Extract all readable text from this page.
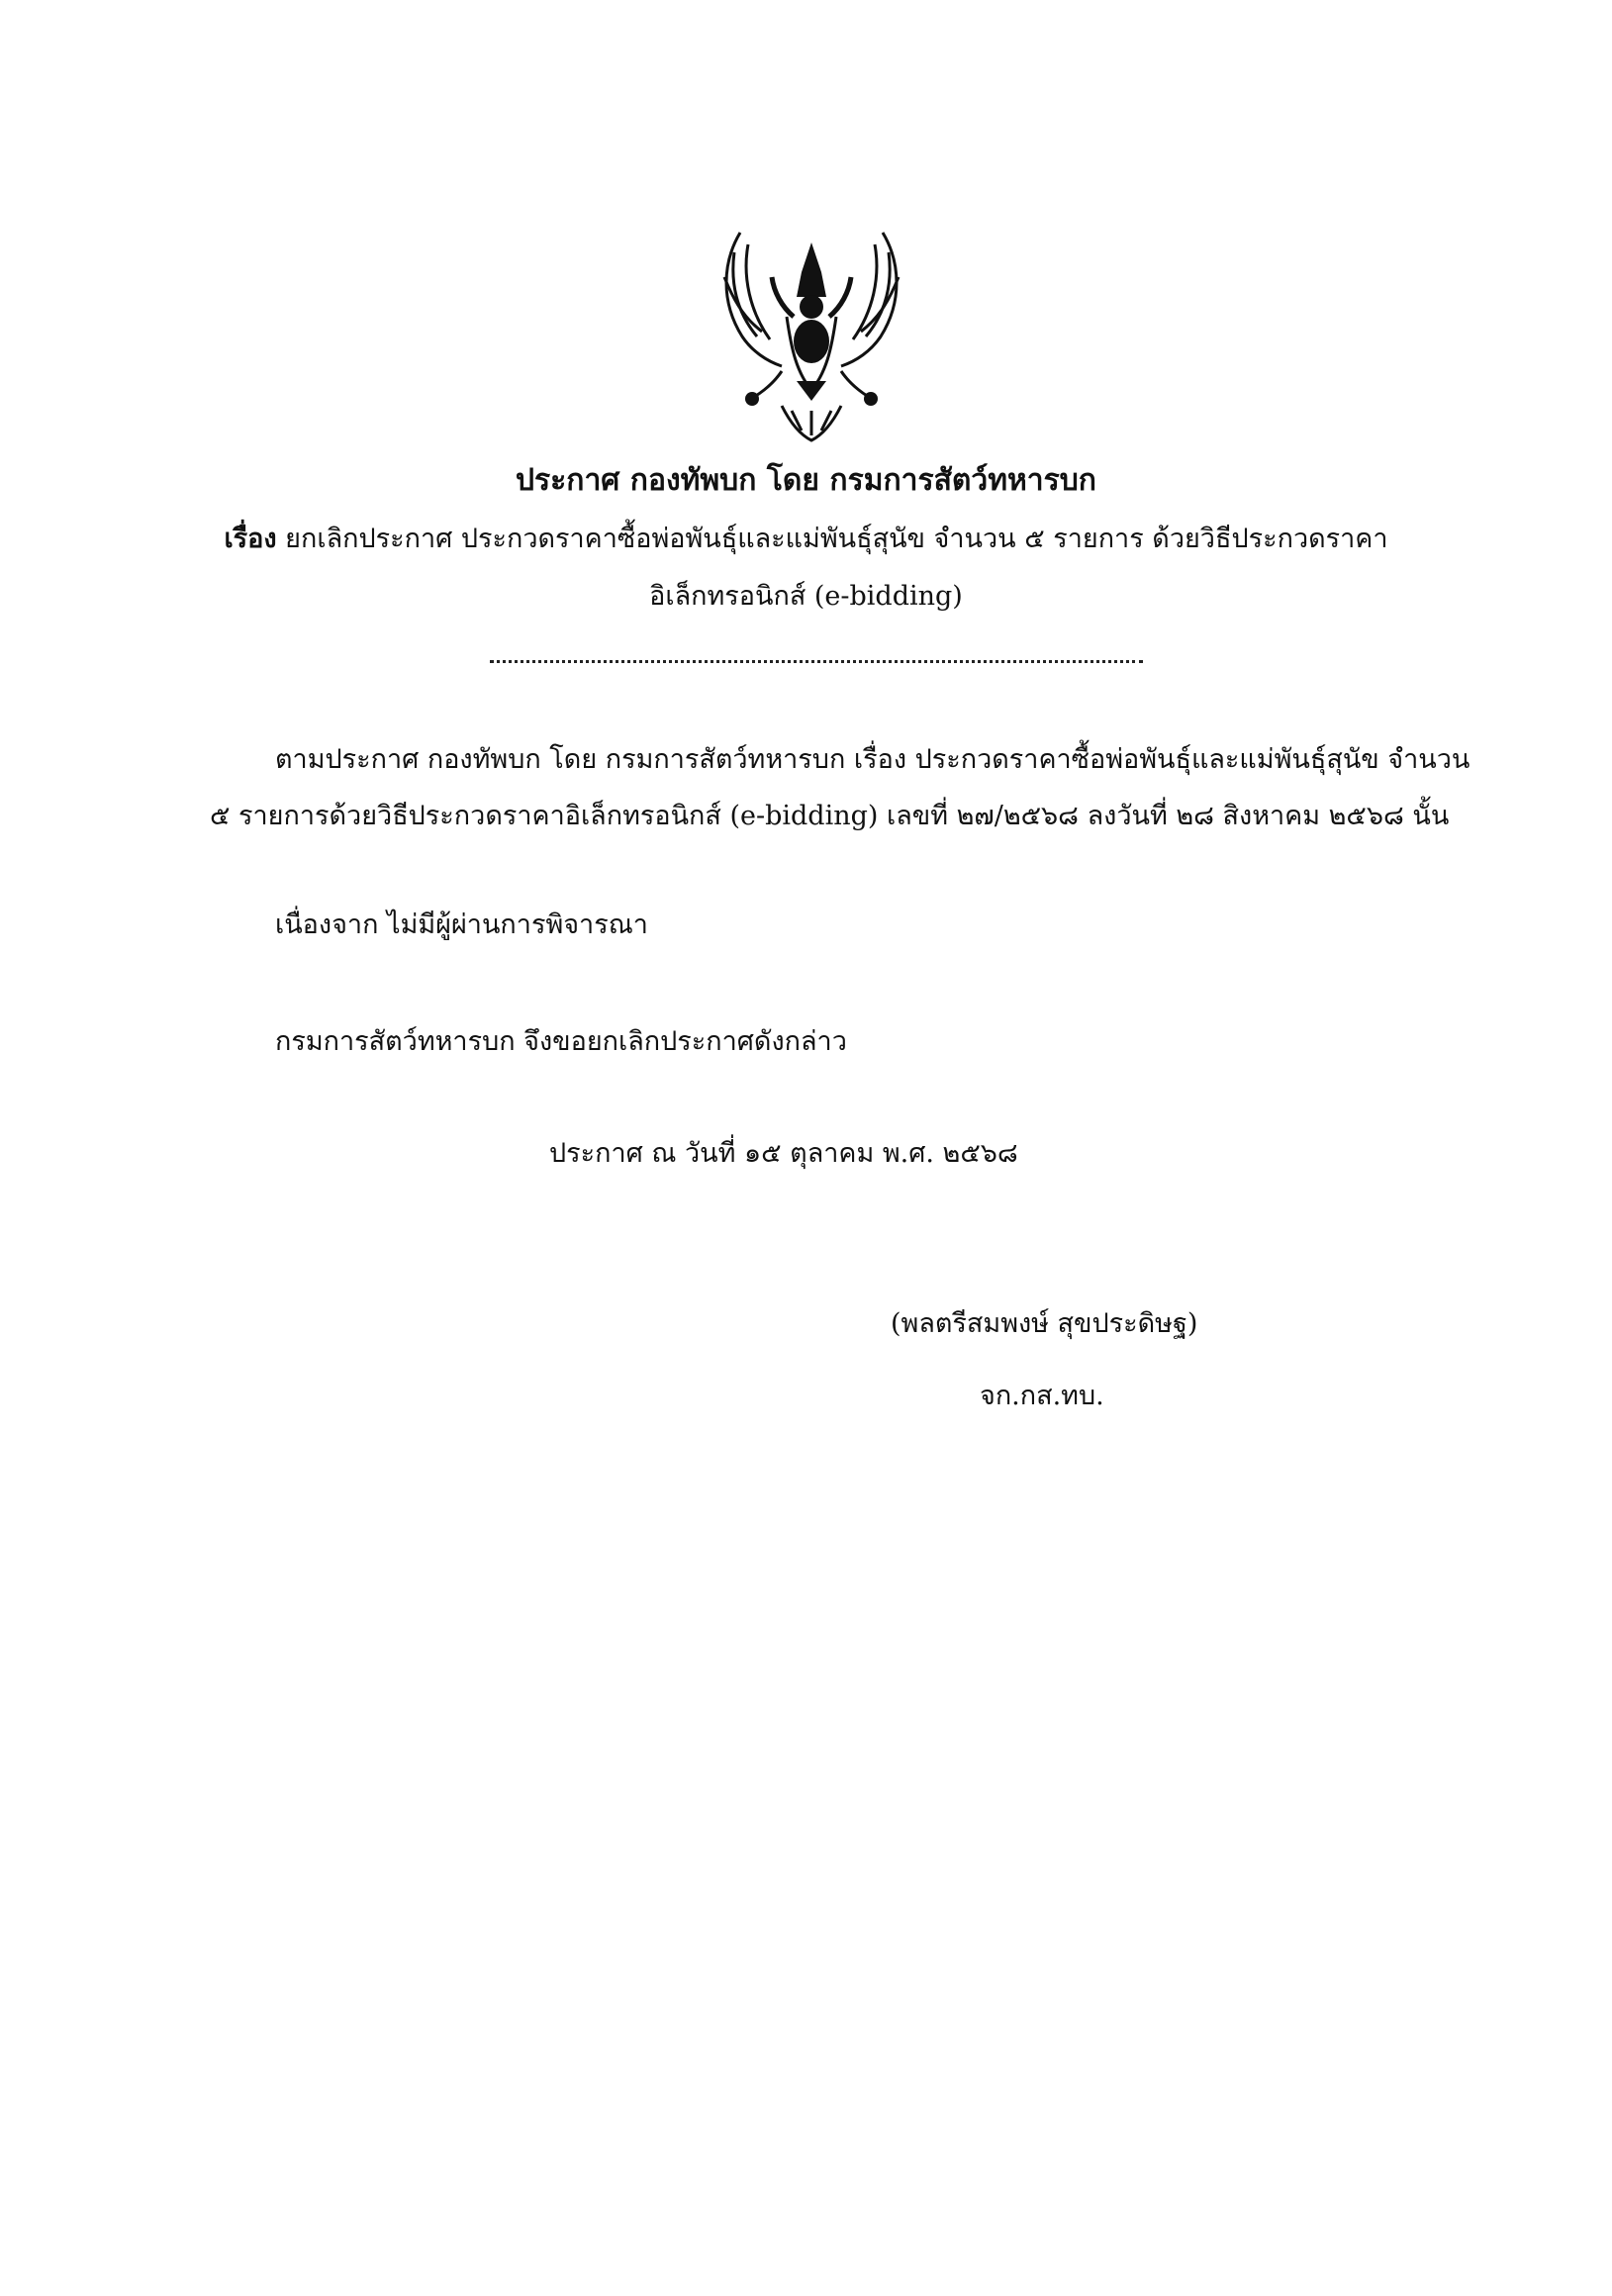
ประกาศ กองทัพบก โดย กรมการสัตว์ทหารบก
เรื่อง ยกเลิกประกาศ ประกวดราคาซื้อพ่อพันธุ์และแม่พันธุ์สุนัข จำนวน ๕ รายการ ด้วยวิธีประกวดราคา
อิเล็กทรอนิกส์ (e-bidding)
ตามประกาศ กองทัพบก โดย กรมการสัตว์ทหารบก เรื่อง ประกวดราคาซื้อพ่อพันธุ์และแม่พันธุ์สุนัข จำนวน
๕ รายการด้วยวิธีประกวดราคาอิเล็กทรอนิกส์ (e-bidding) เลขที่ ๒๗/๒๕๖๘ ลงวันที่ ๒๘ สิงหาคม ๒๕๖๘ นั้น
เนื่องจาก ไม่มีผู้ผ่านการพิจารณา
กรมการสัตว์ทหารบก จึงขอยกเลิกประกาศดังกล่าว
ประกาศ ณ วันที่ ๑๕ ตุลาคม พ.ศ. ๒๕๖๘
(พลตรีสมพงษ์ สุขประดิษฐ)
จก.กส.ทบ.
